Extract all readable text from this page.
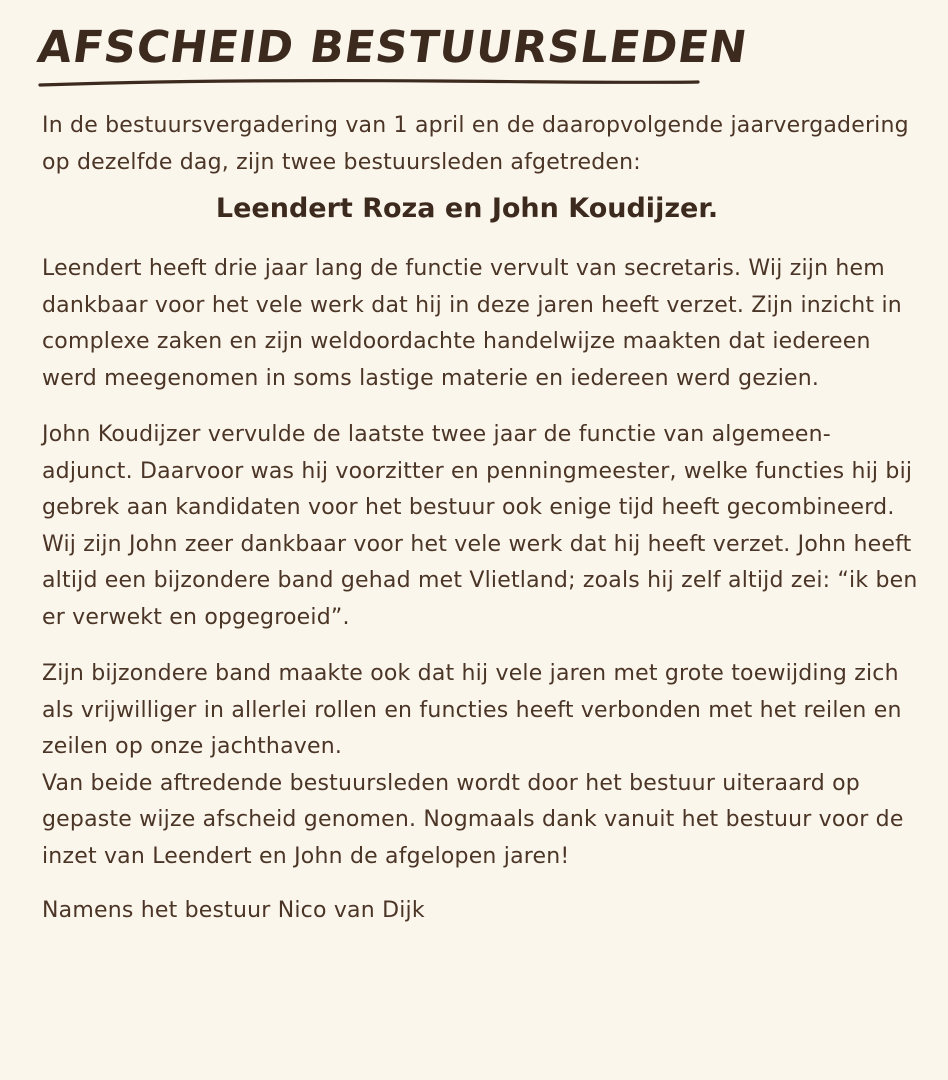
AFSCHEID BESTUURSLEDEN

In de bestuursvergadering van 1 april en de daaropvolgende jaarvergadering op dezelfde dag, zijn twee bestuursleden afgetreden:

Leendert Roza en John Koudijzer.

Leendert heeft drie jaar lang de functie vervult van secretaris. Wij zijn hem dankbaar voor het vele werk dat hij in deze jaren heeft verzet. Zijn inzicht in complexe zaken en zijn weldoordachte handelwijze maakten dat iedereen werd meegenomen in soms lastige materie en iedereen werd gezien.

John Koudijzer vervulde de laatste twee jaar de functie van algemeen-adjunct. Daarvoor was hij voorzitter en penningmeester, welke functies hij bij gebrek aan kandidaten voor het bestuur ook enige tijd heeft gecombineerd. Wij zijn John zeer dankbaar voor het vele werk dat hij heeft verzet. John heeft altijd een bijzondere band gehad met Vlietland; zoals hij zelf altijd zei: “ik ben er verwekt en opgegroeid”.

Zijn bijzondere band maakte ook dat hij vele jaren met grote toewijding zich als vrijwilliger in allerlei rollen en functies heeft verbonden met het reilen en zeilen op onze jachthaven.

Van beide aftredende bestuursleden wordt door het bestuur uiteraard op gepaste wijze afscheid genomen. Nogmaals dank vanuit het bestuur voor de inzet van Leendert en John de afgelopen jaren!

Namens het bestuur Nico van Dijk
